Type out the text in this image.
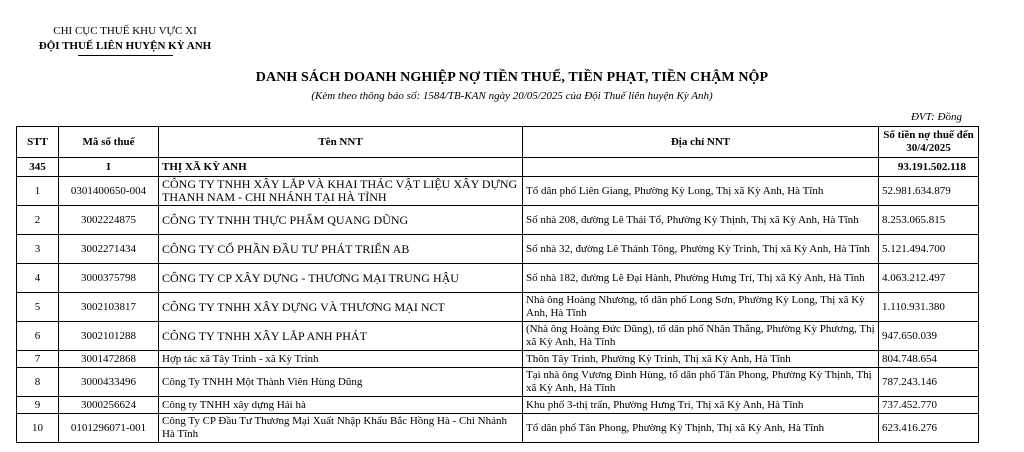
CHI CỤC THUẾ KHU VỰC XI
ĐỘI THUẾ LIÊN HUYỆN KỲ ANH
DANH SÁCH DOANH NGHIỆP NỢ TIỀN THUẾ, TIỀN PHẠT, TIỀN CHẬM NỘP
(Kèm theo thông báo số: 1584/TB-KAN ngày 20/05/2025 của Đội Thuế liên huyện Kỳ Anh)
ĐVT: Đồng
STT	Mã số thuế	Tên NNT	Địa chỉ NNT	Số tiền nợ thuế đến 30/4/2025
345	I	THỊ XÃ KỲ ANH		93.191.502.118
1	0301400650-004	CÔNG TY TNHH XÂY LẮP VÀ KHAI THÁC VẬT LIỆU XÂY DỰNG THANH NAM - CHI NHÁNH TẠI HÀ TĨNH	Tổ dân phố Liên Giang, Phường Kỳ Long, Thị xã Kỳ Anh, Hà Tĩnh	52.981.634.879
2	3002224875	CÔNG TY TNHH THỰC PHẨM QUANG DŨNG	Số nhà 208, đường Lê Thái Tổ, Phường Kỳ Thịnh, Thị xã Kỳ Anh, Hà Tĩnh	8.253.065.815
3	3002271434	CÔNG TY CỔ PHẦN ĐẦU TƯ PHÁT TRIỂN AB	Số nhà 32, đường Lê Thánh Tông, Phường Kỳ Trinh, Thị xã Kỳ Anh, Hà Tĩnh	5.121.494.700
4	3000375798	CÔNG TY CP XÂY DỰNG - THƯƠNG MẠI TRUNG HẬU	Số nhà 182, đường Lê Đại Hành, Phường Hưng Trí, Thị xã Kỳ Anh, Hà Tĩnh	4.063.212.497
5	3002103817	CÔNG TY TNHH XÂY DỰNG VÀ THƯƠNG MẠI NCT	Nhà ông Hoàng Nhương, tổ dân phố Long Sơn, Phường Kỳ Long, Thị xã Kỳ Anh, Hà Tĩnh	1.110.931.380
6	3002101288	CÔNG TY TNHH XÂY LẮP ANH PHÁT	(Nhà ông Hoàng Đức Dũng), tổ dân phố Nhân Thắng, Phường Kỳ Phương, Thị xã Kỳ Anh, Hà Tĩnh	947.650.039
7	3001472868	Hợp tác xã Tây Trinh - xã Kỳ Trinh	Thôn Tây Trinh, Phường Kỳ Trinh, Thị xã Kỳ Anh, Hà Tĩnh	804.748.654
8	3000433496	Công Ty TNHH Một Thành Viên Hùng Dũng	Tại nhà ông Vương Đình Hùng, tổ dân phố Tân Phong, Phường Kỳ Thịnh, Thị xã Kỳ Anh, Hà Tĩnh	787.243.146
9	3000256624	Công ty TNHH xây dựng Hải hà	Khu phố 3-thị trấn, Phường Hưng Trí, Thị xã Kỳ Anh, Hà Tĩnh	737.452.770
10	0101296071-001	Công Ty CP Đầu Tư Thương Mại Xuất Nhập Khẩu Bắc Hồng Hà - Chi Nhánh Hà Tĩnh	Tổ dân phố Tân Phong, Phường Kỳ Thịnh, Thị xã Kỳ Anh, Hà Tĩnh	623.416.276
